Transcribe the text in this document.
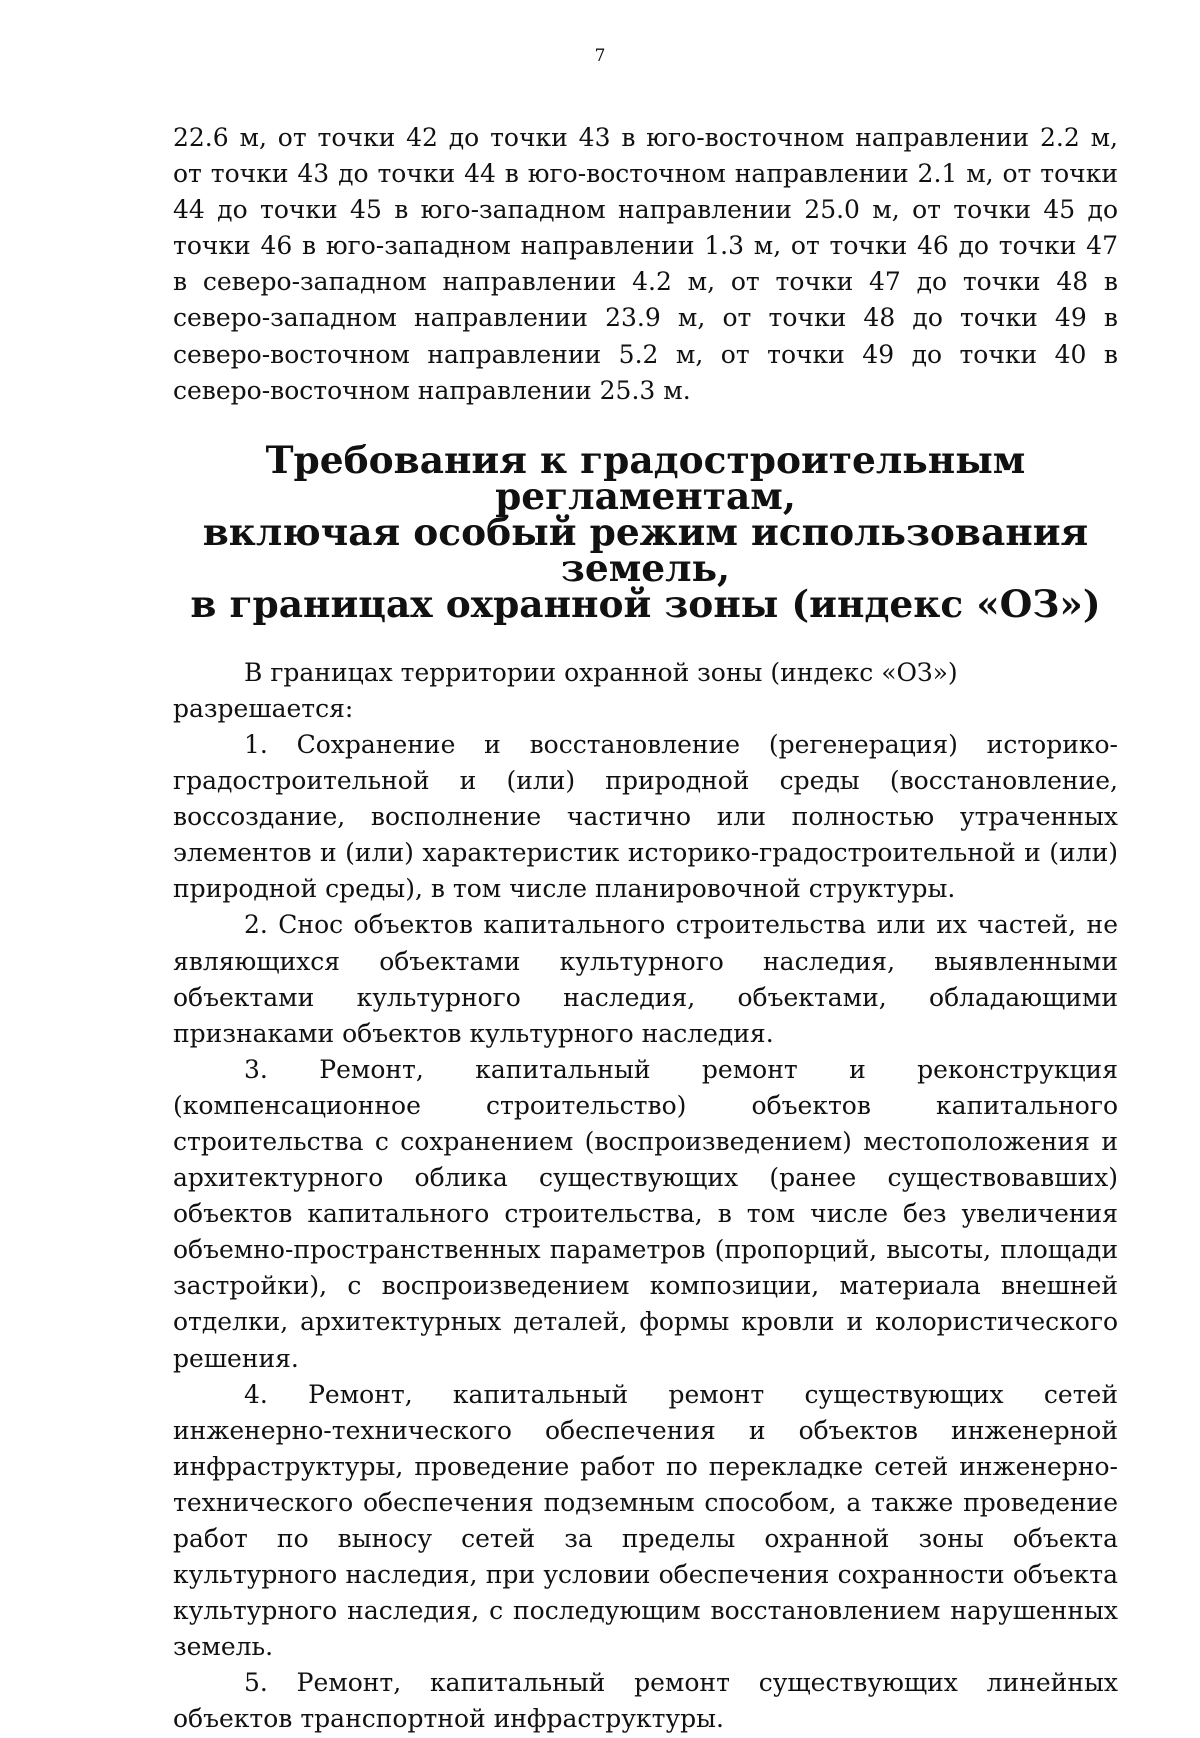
7

22.6 м, от точки 42 до точки 43 в юго-восточном направлении 2.2 м, от точки 43 до точки 44 в юго-восточном направлении 2.1 м, от точки 44 до точки 45 в юго-западном направлении 25.0 м, от точки 45 до точки 46 в юго-западном направлении 1.3 м, от точки 46 до точки 47 в северо-западном направлении 4.2 м, от точки 47 до точки 48 в северо-западном направлении 23.9 м, от точки 48 до точки 49 в северо-восточном направлении 5.2 м, от точки 49 до точки 40 в северо-восточном направлении 25.3 м.

Требования к градостроительным регламентам,
включая особый режим использования земель,
в границах охранной зоны (индекс «ОЗ»)

В границах территории охранной зоны (индекс «ОЗ») разрешается:

1. Сохранение и восстановление (регенерация) историко-градостроительной и (или) природной среды (восстановление, воссоздание, восполнение частично или полностью утраченных элементов и (или) характеристик историко-градостроительной и (или) природной среды), в том числе планировочной структуры.

2. Снос объектов капитального строительства или их частей, не являющихся объектами культурного наследия, выявленными объектами культурного наследия, объектами, обладающими признаками объектов культурного наследия.

3. Ремонт, капитальный ремонт и реконструкция (компенсационное строительство) объектов капитального строительства с сохранением (воспроизведением) местоположения и архитектурного облика существующих (ранее существовавших) объектов капитального строительства, в том числе без увеличения объемно-пространственных параметров (пропорций, высоты, площади застройки), с воспроизведением композиции, материала внешней отделки, архитектурных деталей, формы кровли и колористического решения.

4. Ремонт, капитальный ремонт существующих сетей инженерно-технического обеспечения и объектов инженерной инфраструктуры, проведение работ по перекладке сетей инженерно-технического обеспечения подземным способом, а также проведение работ по выносу сетей за пределы охранной зоны объекта культурного наследия, при условии обеспечения сохранности объекта культурного наследия, с последующим восстановлением нарушенных земель.

5. Ремонт, капитальный ремонт существующих линейных объектов транспортной инфраструктуры.
